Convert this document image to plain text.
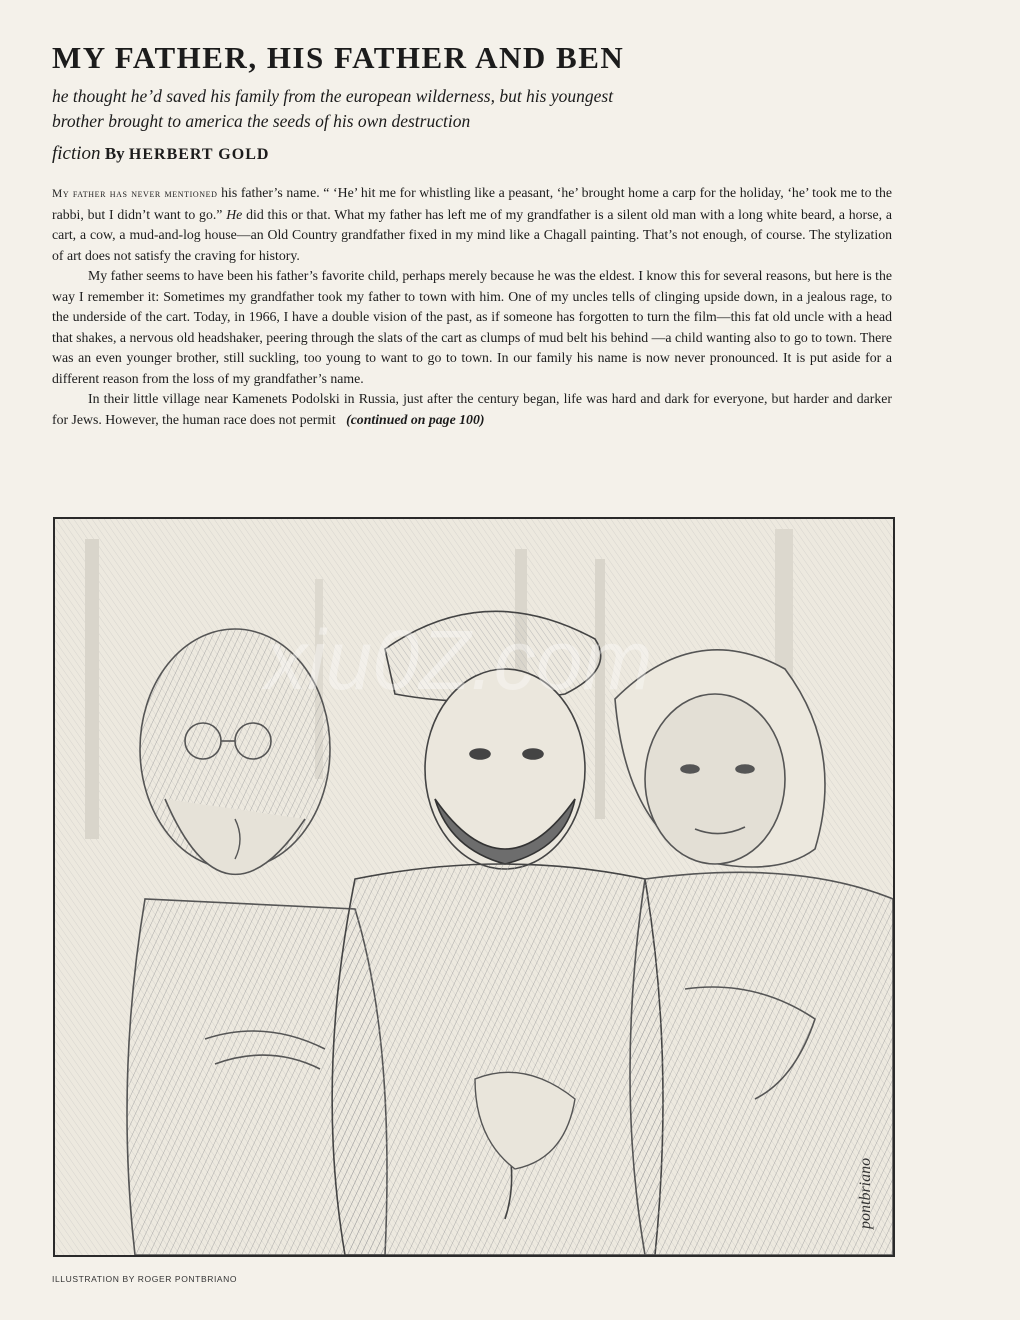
MY FATHER, HIS FATHER AND BEN
he thought he’d saved his family from the european wilderness, but his youngest
brother brought to america the seeds of his own destruction
fiction By HERBERT GOLD

My father has never mentioned his father’s name. “ ‘He’ hit me for whistling like a peasant, ‘he’ brought home a carp for the holiday, ‘he’ took me to the rabbi, but I didn’t want to go.” He did this or that. What my father has left me of my grandfather is a silent old man with a long white beard, a horse, a cart, a cow, a mud-and-log house—an Old Country grandfather fixed in my mind like a Chagall painting. That’s not enough, of course. The stylization of art does not satisfy the craving for history.

My father seems to have been his father’s favorite child, perhaps merely because he was the eldest. I know this for several reasons, but here is the way I remember it: Sometimes my grandfather took my father to town with him. One of my uncles tells of clinging upside down, in a jealous rage, to the underside of the cart. Today, in 1966, I have a double vision of the past, as if someone has forgotten to turn the film—this fat old uncle with a head that shakes, a nervous old headshaker, peering through the slats of the cart as clumps of mud belt his behind —a child wanting also to go to town. There was an even younger brother, still suckling, too young to want to go to town. In our family his name is now never pronounced. It is put aside for a different reason from the loss of my grandfather’s name.

In their little village near Kamenets Podolski in Russia, just after the century began, life was hard and dark for everyone, but harder and darker for Jews. However, the human race does not permit (continued on page 100)

xiu0Z.com
pontbriano
ILLUSTRATION BY ROGER PONTBRIANO
